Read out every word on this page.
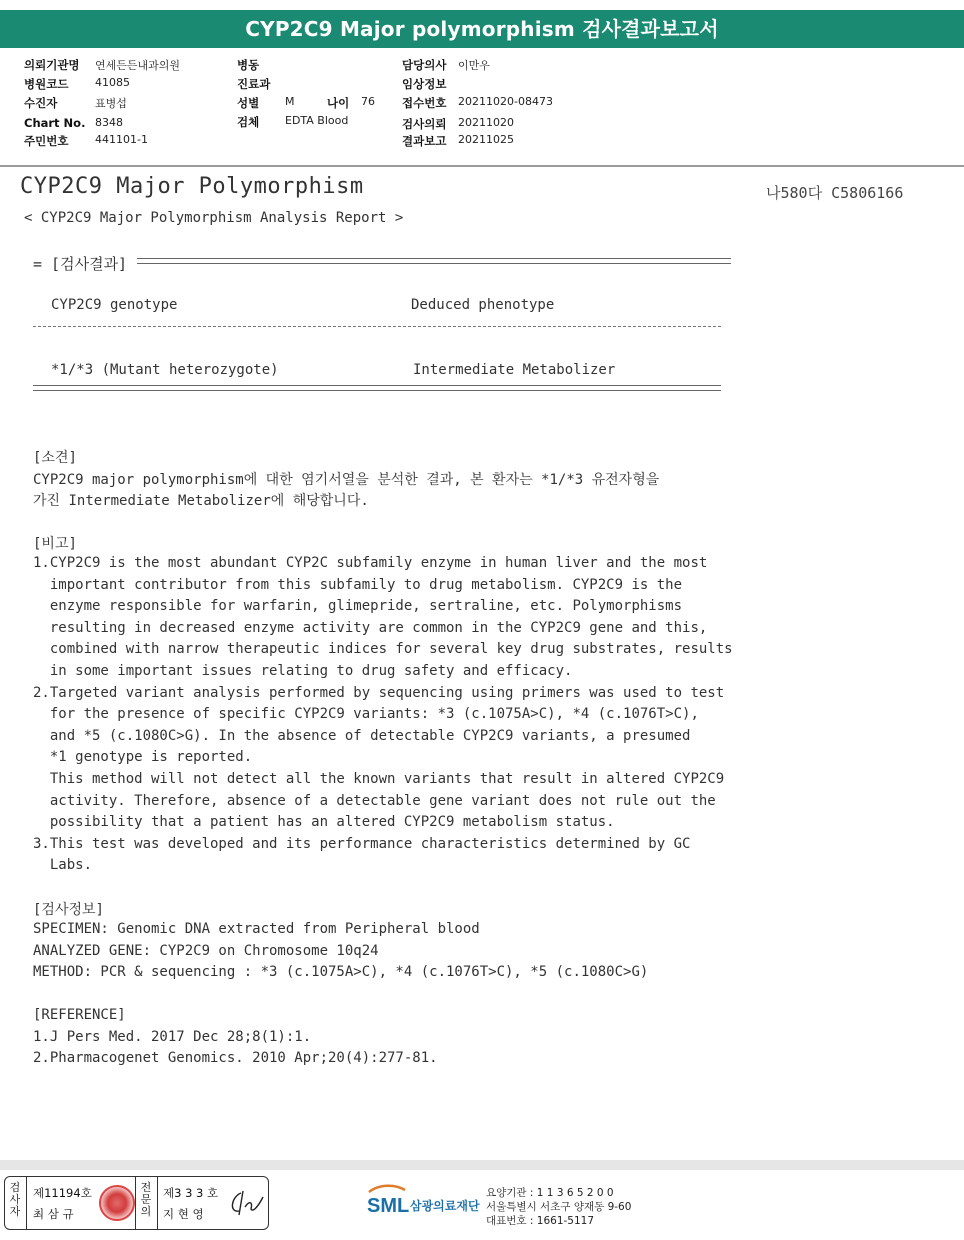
CYP2C9 Major polymorphism 검사결과보고서
의뢰기관명 연세든든내과의원
병원코드 41085
수진자	표병섭
Chart No. 8348
주민번호 441101-1
병동
진료과
성별 M	나이 76
검체 EDTA Blood
담당의사 이만우
임상정보
접수번호 20211020-08473
검사의뢰 20211020
결과보고 20211025
CYP2C9 Major Polymorphism	나580다 C5806166
< CYP2C9 Major Polymorphism Analysis Report >
= [검사결과]
CYP2C9 genotype	Deduced phenotype
*1/*3 (Mutant heterozygote)	Intermediate Metabolizer
[소견]
CYP2C9 major polymorphism에 대한 염기서열을 분석한 결과, 본 환자는 *1/*3 유전자형을
가진 Intermediate Metabolizer에 해당합니다.
[비고]
1.CYP2C9 is the most abundant CYP2C subfamily enzyme in human liver and the most
important contributor from this subfamily to drug metabolism. CYP2C9 is the
enzyme responsible for warfarin, glimepride, sertraline, etc. Polymorphisms
resulting in decreased enzyme activity are common in the CYP2C9 gene and this,
combined with narrow therapeutic indices for several key drug substrates, results
in some important issues relating to drug safety and efficacy.
2.Targeted variant analysis performed by sequencing using primers was used to test
for the presence of specific CYP2C9 variants: *3 (c.1075A>C), *4 (c.1076T>C),
and *5 (c.1080C>G). In the absence of detectable CYP2C9 variants, a presumed
*1 genotype is reported.
This method will not detect all the known variants that result in altered CYP2C9
activity. Therefore, absence of a detectable gene variant does not rule out the
possibility that a patient has an altered CYP2C9 metabolism status.
3.This test was developed and its performance characteristics determined by GC
Labs.
[검사정보]
SPECIMEN: Genomic DNA extracted from Peripheral blood
ANALYZED GENE: CYP2C9 on Chromosome 10q24
METHOD: PCR & sequencing : *3 (c.1075A>C), *4 (c.1076T>C), *5 (c.1080C>G)
[REFERENCE]
1.J Pers Med. 2017 Dec 28;8(1):1.
2.Pharmacogenet Genomics. 2010 Apr;20(4):277-81.
검사자
제11194호
최 삼 규
전문의
제3 3 3 호
지 현 영	SML 삼광의료재단
요양기관 : 1 1 3 6 5 2 0 0
서울특별시 서초구 양재동 9-60
대표번호 : 1661-5117
